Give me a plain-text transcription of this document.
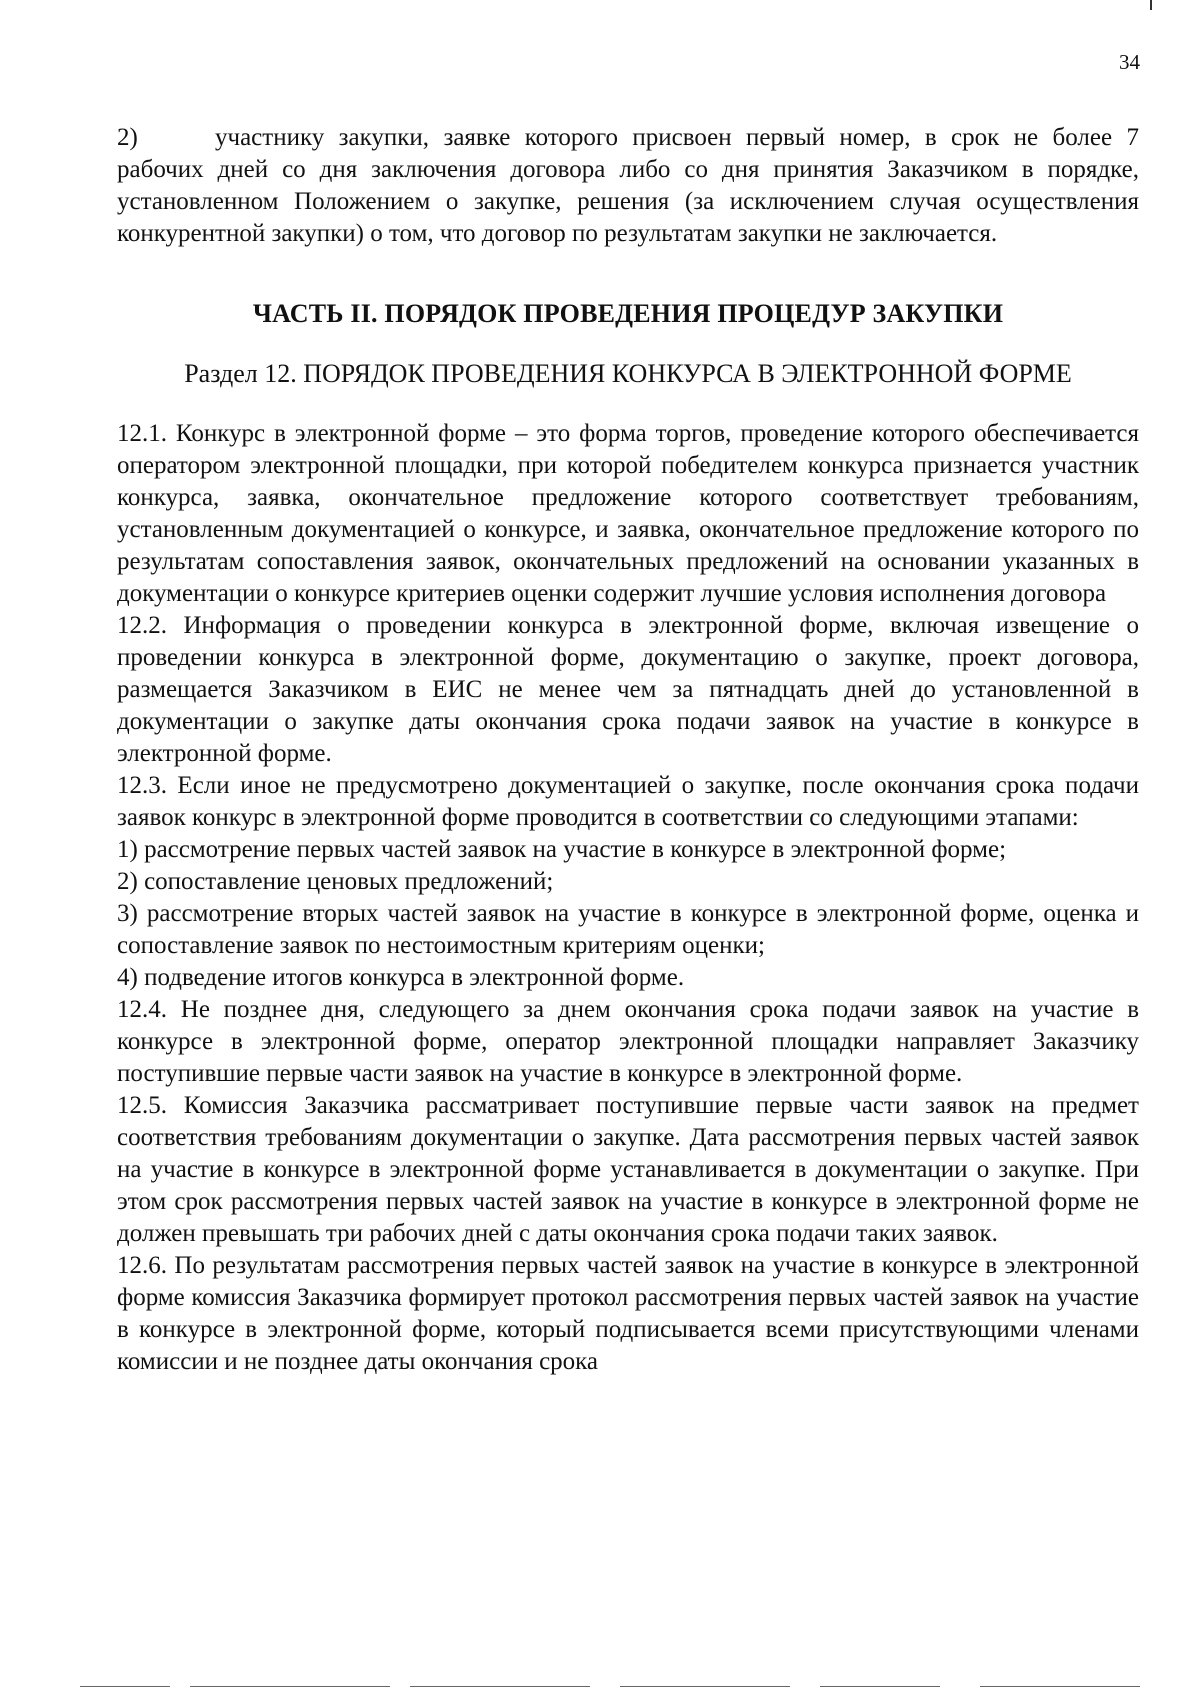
34

2)	участнику закупки, заявке которого присвоен первый номер, в срок не более 7 рабочих дней со дня заключения договора либо со дня принятия Заказчиком в порядке, установленном Положением о закупке, решения (за исключением случая осуществления конкурентной закупки) о том, что договор по результатам закупки не заключается.

ЧАСТЬ II. ПОРЯДОК ПРОВЕДЕНИЯ ПРОЦЕДУР ЗАКУПКИ

Раздел 12. ПОРЯДОК ПРОВЕДЕНИЯ КОНКУРСА В ЭЛЕКТРОННОЙ ФОРМЕ

12.1. Конкурс в электронной форме – это форма торгов, проведение которого обеспечивается оператором электронной площадки, при которой победителем конкурса признается участник конкурса, заявка, окончательное предложение которого соответствует требованиям, установленным документацией о конкурсе, и заявка, окончательное предложение которого по результатам сопоставления заявок, окончательных предложений на основании указанных в документации о конкурсе критериев оценки содержит лучшие условия исполнения договора

12.2. Информация о проведении конкурса в электронной форме, включая извещение о проведении конкурса в электронной форме, документацию о закупке, проект договора, размещается Заказчиком в ЕИС не менее чем за пятнадцать дней до установленной в документации о закупке даты окончания срока подачи заявок на участие в конкурсе в электронной форме.

12.3. Если иное не предусмотрено документацией о закупке, после окончания срока подачи заявок конкурс в электронной форме проводится в соответствии со следующими этапами:

1) рассмотрение первых частей заявок на участие в конкурсе в электронной форме;

2) сопоставление ценовых предложений;

3) рассмотрение вторых частей заявок на участие в конкурсе в электронной форме, оценка и сопоставление заявок по нестоимостным критериям оценки;

4) подведение итогов конкурса в электронной форме.

12.4. Не позднее дня, следующего за днем окончания срока подачи заявок на участие в конкурсе в электронной форме, оператор электронной площадки направляет Заказчику поступившие первые части заявок на участие в конкурсе в электронной форме.

12.5. Комиссия Заказчика рассматривает поступившие первые части заявок на предмет соответствия требованиям документации о закупке. Дата рассмотрения первых частей заявок на участие в конкурсе в электронной форме устанавливается в документации о закупке. При этом срок рассмотрения первых частей заявок на участие в конкурсе в электронной форме не должен превышать три рабочих дней с даты окончания срока подачи таких заявок.

12.6. По результатам рассмотрения первых частей заявок на участие в конкурсе в электронной форме комиссия Заказчика формирует протокол рассмотрения первых частей заявок на участие в конкурсе в электронной форме, который подписывается всеми присутствующими членами комиссии и не позднее даты окончания срока
